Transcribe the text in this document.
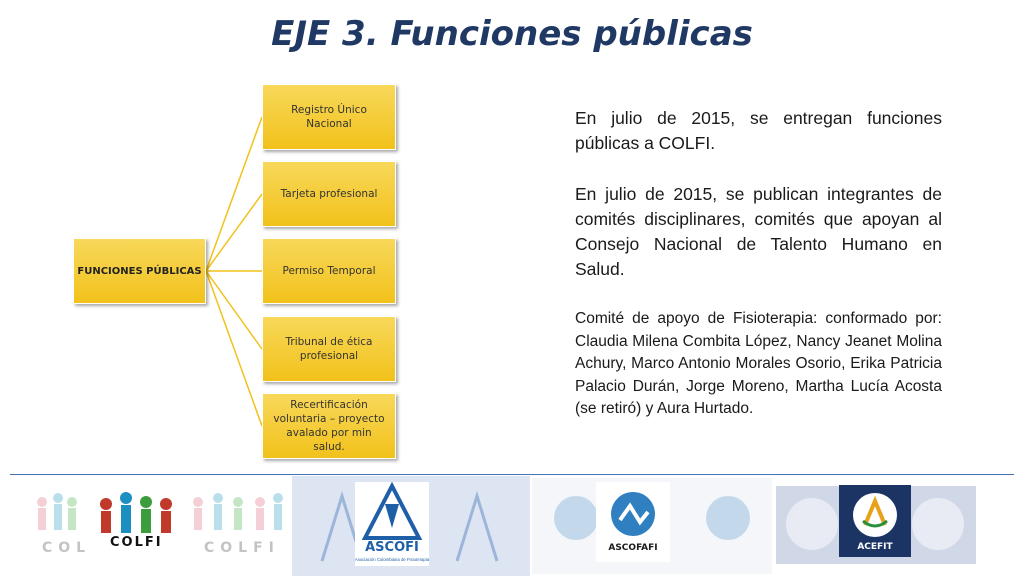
EJE 3. Funciones públicas
FUNCIONES PÚBLICAS
Registro Único Nacional
Tarjeta profesional
Permiso Temporal
Tribunal de ética profesional
Recertificación voluntaria – proyecto avalado por min salud.
En julio de 2015, se entregan funciones públicas a COLFI.
En julio de 2015, se publican integrantes de comités disciplinares, comités que apoyan al Consejo Nacional de Talento Humano en Salud.
Comité de apoyo de Fisioterapia: conformado por: Claudia Milena Combita López, Nancy Jeanet Molina Achury, Marco Antonio Morales Osorio, Erika Patricia Palacio Durán, Jorge Moreno, Martha Lucía Acosta (se retiró) y Aura Hurtado.
COL	COLFI
COLFI	ASCOFI
Asociación Colombiana de Fisioterapia
ASCOFAFI	ACEFIT
